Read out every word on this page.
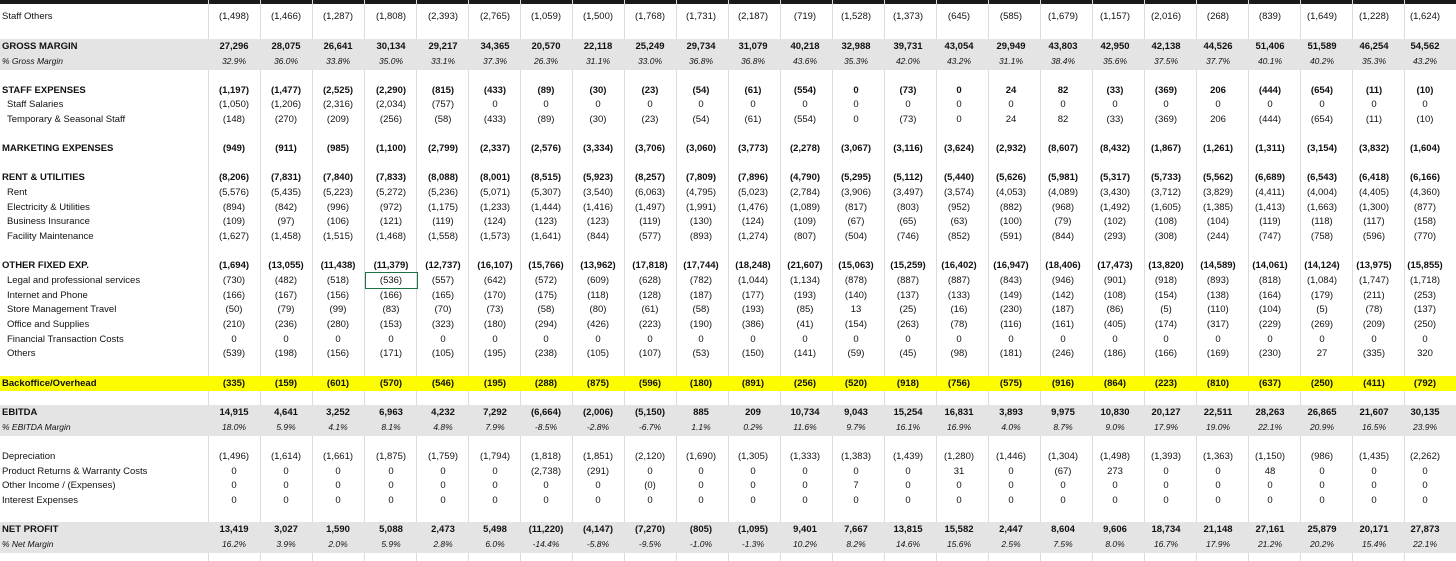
Staff Others	(1,498)	(1,466)	(1,287)	(1,808)	(2,393)	(2,765)	(1,059)	(1,500)	(1,768)	(1,731)	(2,187)	(719)	(1,528)	(1,373)	(645)	(585)	(1,679)	(1,157)	(2,016)	(268)	(839)	(1,649)	(1,228)	(1,624)
GROSS MARGIN	27,296	28,075	26,641	30,134	29,217	34,365	20,570	22,118	25,249	29,734	31,079	40,218	32,988	39,731	43,054	29,949	43,803	42,950	42,138	44,526	51,406	51,589	46,254	54,562
% Gross Margin	32.9%	36.0%	33.8%	35.0%	33.1%	37.3%	26.3%	31.1%	33.0%	36.8%	36.8%	43.6%	35.3%	42.0%	43.2%	31.1%	38.4%	35.6%	37.5%	37.7%	40.1%	40.2%	35.3%	43.2%
STAFF EXPENSES	(1,197)	(1,477)	(2,525)	(2,290)	(815)	(433)	(89)	(30)	(23)	(54)	(61)	(554)	0	(73)	0	24	82	(33)	(369)	206	(444)	(654)	(11)	(10)
Staff Salaries	(1,050)	(1,206)	(2,316)	(2,034)	(757)	0	0	0	0	0	0	0	0	0	0	0	0	0	0	0	0	0	0	0
Temporary & Seasonal Staff	(148)	(270)	(209)	(256)	(58)	(433)	(89)	(30)	(23)	(54)	(61)	(554)	0	(73)	0	24	82	(33)	(369)	206	(444)	(654)	(11)	(10)
MARKETING EXPENSES	(949)	(911)	(985)	(1,100)	(2,799)	(2,337)	(2,576)	(3,334)	(3,706)	(3,060)	(3,773)	(2,278)	(3,067)	(3,116)	(3,624)	(2,932)	(8,607)	(8,432)	(1,867)	(1,261)	(1,311)	(3,154)	(3,832)	(1,604)
RENT & UTILITIES	(8,206)	(7,831)	(7,840)	(7,833)	(8,088)	(8,001)	(8,515)	(5,923)	(8,257)	(7,809)	(7,896)	(4,790)	(5,295)	(5,112)	(5,440)	(5,626)	(5,981)	(5,317)	(5,733)	(5,562)	(6,689)	(6,543)	(6,418)	(6,166)
Rent	(5,576)	(5,435)	(5,223)	(5,272)	(5,236)	(5,071)	(5,307)	(3,540)	(6,063)	(4,795)	(5,023)	(2,784)	(3,906)	(3,497)	(3,574)	(4,053)	(4,089)	(3,430)	(3,712)	(3,829)	(4,411)	(4,004)	(4,405)	(4,360)
Electricity & Utilities	(894)	(842)	(996)	(972)	(1,175)	(1,233)	(1,444)	(1,416)	(1,497)	(1,991)	(1,476)	(1,089)	(817)	(803)	(952)	(882)	(968)	(1,492)	(1,605)	(1,385)	(1,413)	(1,663)	(1,300)	(877)
Business Insurance	(109)	(97)	(106)	(121)	(119)	(124)	(123)	(123)	(119)	(130)	(124)	(109)	(67)	(65)	(63)	(100)	(79)	(102)	(108)	(104)	(119)	(118)	(117)	(158)
Facility Maintenance	(1,627)	(1,458)	(1,515)	(1,468)	(1,558)	(1,573)	(1,641)	(844)	(577)	(893)	(1,274)	(807)	(504)	(746)	(852)	(591)	(844)	(293)	(308)	(244)	(747)	(758)	(596)	(770)
OTHER FIXED EXP.	(1,694)	(13,055)	(11,438)	(11,379)	(12,737)	(16,107)	(15,766)	(13,962)	(17,818)	(17,744)	(18,248)	(21,607)	(15,063)	(15,259)	(16,402)	(16,947)	(18,406)	(17,473)	(13,820)	(14,589)	(14,061)	(14,124)	(13,975)	(15,855)
Legal and professional services	(730)	(482)	(518)	(536)	(557)	(642)	(572)	(609)	(628)	(782)	(1,044)	(1,134)	(878)	(887)	(887)	(843)	(946)	(901)	(918)	(893)	(818)	(1,084)	(1,747)	(1,718)
Internet and Phone	(166)	(167)	(156)	(166)	(165)	(170)	(175)	(118)	(128)	(187)	(177)	(193)	(140)	(137)	(133)	(149)	(142)	(108)	(154)	(138)	(164)	(179)	(211)	(253)
Store Management Travel	(50)	(79)	(99)	(83)	(70)	(73)	(58)	(80)	(61)	(58)	(193)	(85)	13	(25)	(16)	(230)	(187)	(86)	(5)	(110)	(104)	(5)	(78)	(137)
Office and Supplies	(210)	(236)	(280)	(153)	(323)	(180)	(294)	(426)	(223)	(190)	(386)	(41)	(154)	(263)	(78)	(116)	(161)	(405)	(174)	(317)	(229)	(269)	(209)	(250)
Financial Transaction Costs	0	0	0	0	0	0	0	0	0	0	0	0	0	0	0	0	0	0	0	0	0	0	0	0
Others	(539)	(198)	(156)	(171)	(105)	(195)	(238)	(105)	(107)	(53)	(150)	(141)	(59)	(45)	(98)	(181)	(246)	(186)	(166)	(169)	(230)	27	(335)	320
Backoffice/Overhead	(335)	(159)	(601)	(570)	(546)	(195)	(288)	(875)	(596)	(180)	(891)	(256)	(520)	(918)	(756)	(575)	(916)	(864)	(223)	(810)	(637)	(250)	(411)	(792)
EBITDA	14,915	4,641	3,252	6,963	4,232	7,292	(6,664)	(2,006)	(5,150)	885	209	10,734	9,043	15,254	16,831	3,893	9,975	10,830	20,127	22,511	28,263	26,865	21,607	30,135
% EBITDA Margin	18.0%	5.9%	4.1%	8.1%	4.8%	7.9%	-8.5%	-2.8%	-6.7%	1.1%	0.2%	11.6%	9.7%	16.1%	16.9%	4.0%	8.7%	9.0%	17.9%	19.0%	22.1%	20.9%	16.5%	23.9%
Depreciation	(1,496)	(1,614)	(1,661)	(1,875)	(1,759)	(1,794)	(1,818)	(1,851)	(2,120)	(1,690)	(1,305)	(1,333)	(1,383)	(1,439)	(1,280)	(1,446)	(1,304)	(1,498)	(1,393)	(1,363)	(1,150)	(986)	(1,435)	(2,262)
Product Returns & Warranty Costs	0	0	0	0	0	0	(2,738)	(291)	0	0	0	0	0	0	31	0	(67)	273	0	0	48	0	0	0
Other Income / (Expenses)	0	0	0	0	0	0	0	0	(0)	0	0	0	7	0	0	0	0	0	0	0	0	0	0	0
Interest Expenses	0	0	0	0	0	0	0	0	0	0	0	0	0	0	0	0	0	0	0	0	0	0	0	0
NET PROFIT	13,419	3,027	1,590	5,088	2,473	5,498	(11,220)	(4,147)	(7,270)	(805)	(1,095)	9,401	7,667	13,815	15,582	2,447	8,604	9,606	18,734	21,148	27,161	25,879	20,171	27,873
% Net Margin	16.2%	3.9%	2.0%	5.9%	2.8%	6.0%	-14.4%	-5.8%	-9.5%	-1.0%	-1.3%	10.2%	8.2%	14.6%	15.6%	2.5%	7.5%	8.0%	16.7%	17.9%	21.2%	20.2%	15.4%	22.1%
